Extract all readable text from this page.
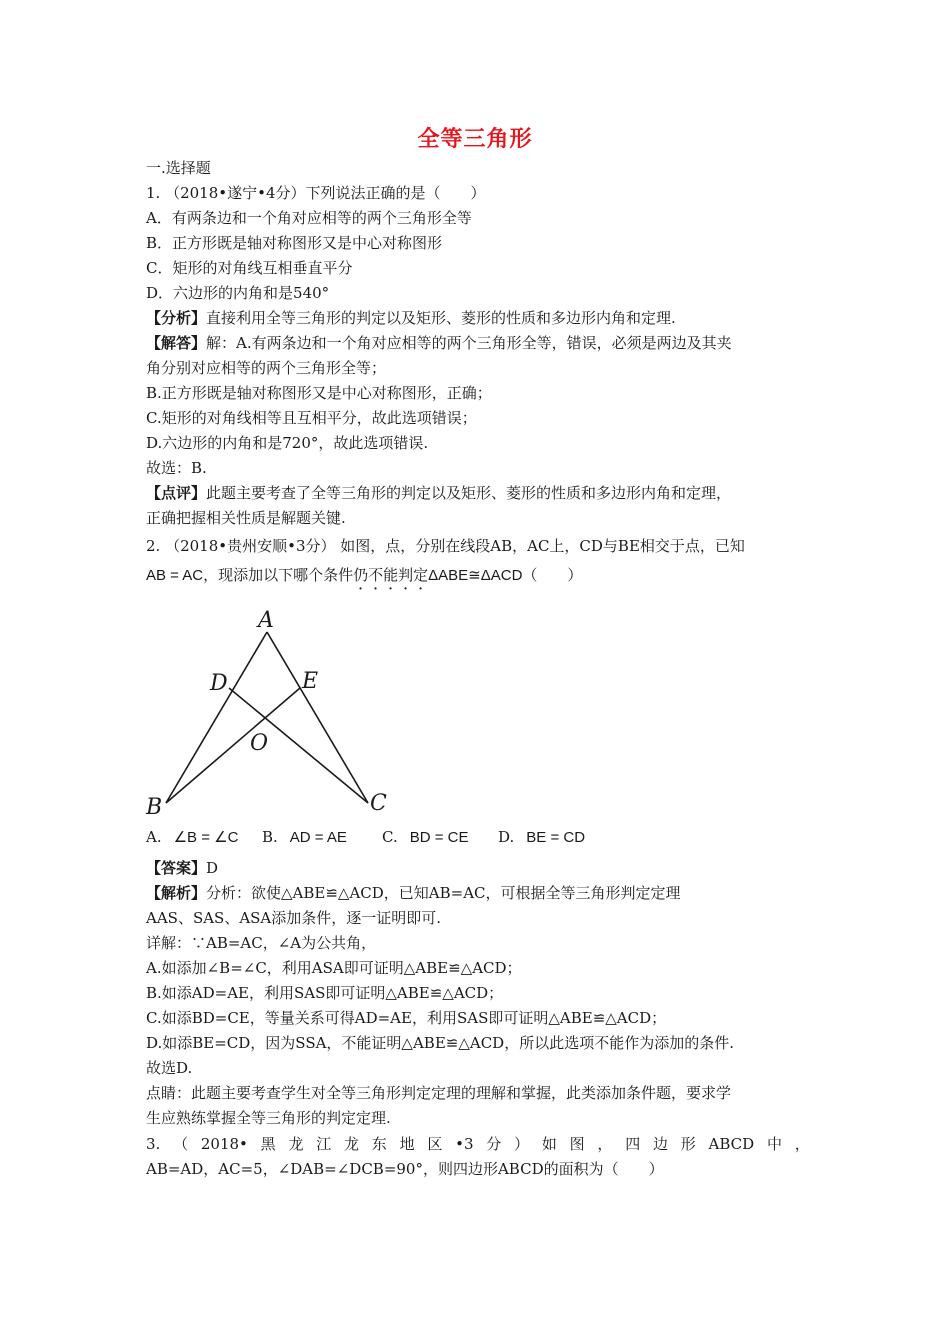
全等三角形
一.选择题
1. （2018•遂宁•4分）下列说法正确的是（　　）
A．有两条边和一个角对应相等的两个三角形全等
B．正方形既是轴对称图形又是中心对称图形
C．矩形的对角线互相垂直平分
D．六边形的内角和是540°
【分析】直接利用全等三角形的判定以及矩形、菱形的性质和多边形内角和定理.
【解答】解：A.有两条边和一个角对应相等的两个三角形全等，错误，必须是两边及其夹
角分别对应相等的两个三角形全等；
B.正方形既是轴对称图形又是中心对称图形，正确；
C.矩形的对角线相等且互相平分，故此选项错误；
D.六边形的内角和是720°，故此选项错误.
故选：B.
【点评】此题主要考查了全等三角形的判定以及矩形、菱形的性质和多边形内角和定理，
正确把握相关性质是解题关键.
2. （2018•贵州安顺•3分） 如图，点，分别在线段AB，AC上，CD与BE相交于点，已知
AB = AC，现添加以下哪个条件仍不能判定ΔABE≅ΔACD（　　）
A
D	E
O
B	C
A. ∠B = ∠C B. AD = AE C. BD = CE D. BE = CD
【答案】D
【解析】分析：欲使△ABE≌△ACD，已知AB=AC，可根据全等三角形判定定理
AAS、SAS、ASA添加条件，逐一证明即可.
详解：∵AB=AC，∠A为公共角，
A.如添加∠B=∠C，利用ASA即可证明△ABE≌△ACD；
B.如添AD=AE，利用SAS即可证明△ABE≌△ACD；
C.如添BD=CE，等量关系可得AD=AE，利用SAS即可证明△ABE≌△ACD；
D.如添BE=CD，因为SSA，不能证明△ABE≌△ACD，所以此选项不能作为添加的条件.
故选D.
点睛：此题主要考查学生对全等三角形判定定理的理解和掌握，此类添加条件题，要求学
生应熟练掌握全等三角形的判定定理.
3. （ 2018• 黑 龙 江 龙 东 地 区 •3 分 ） 如 图 ， 四 边 形 ABCD 中 ，
AB=AD，AC=5，∠DAB=∠DCB=90°，则四边形ABCD的面积为（　　）
